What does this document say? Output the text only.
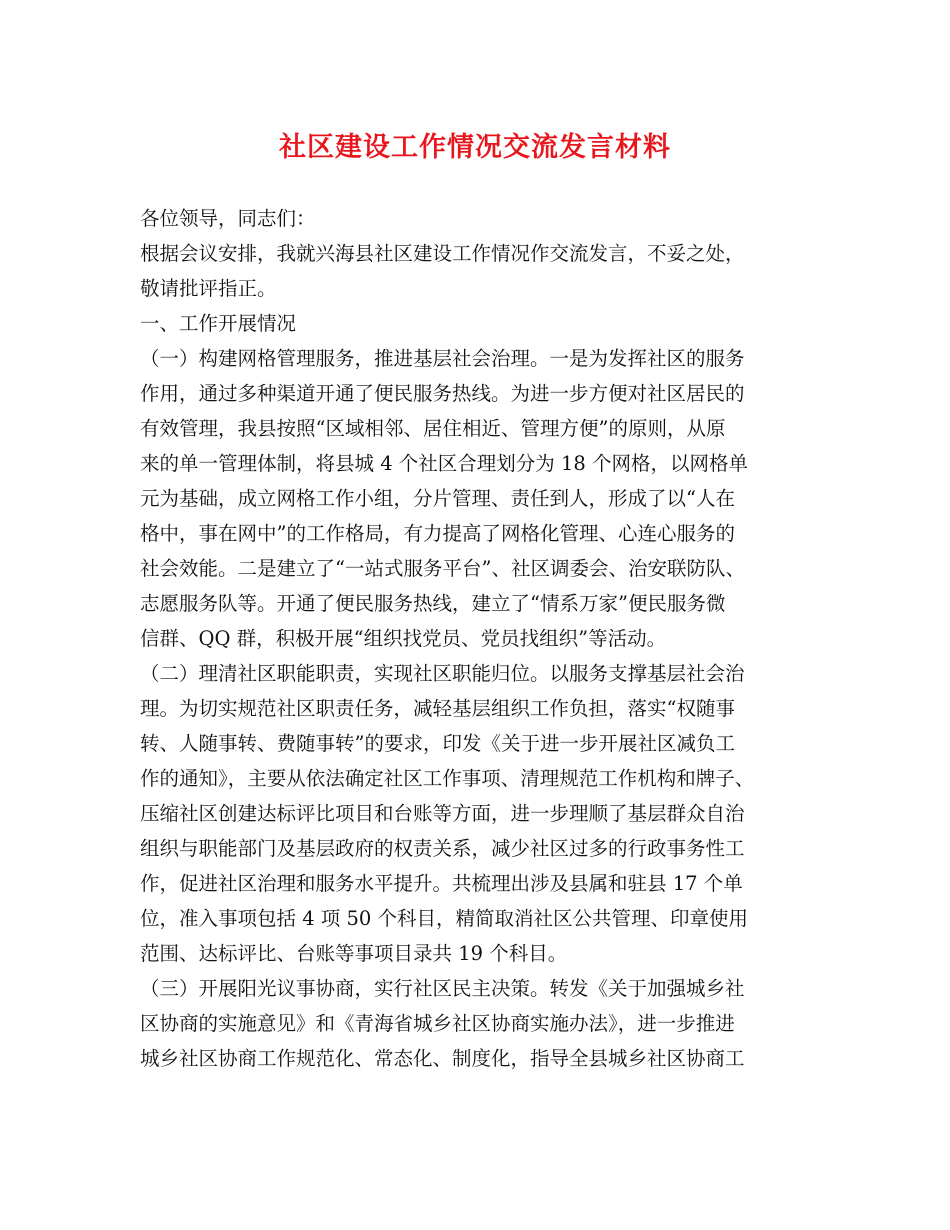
社区建设工作情况交流发言材料
各位领导，同志们：
根据会议安排，我就兴海县社区建设工作情况作交流发言，不妥之处，
敬请批评指正。
一、工作开展情况
（一）构建网格管理服务，推进基层社会治理。一是为发挥社区的服务
作用，通过多种渠道开通了便民服务热线。为进一步方便对社区居民的
有效管理，我县按照“区域相邻、居住相近、管理方便”的原则，从原
来的单一管理体制，将县城 4 个社区合理划分为 18 个网格，以网格单
元为基础，成立网格工作小组，分片管理、责任到人，形成了以“人在
格中，事在网中”的工作格局，有力提高了网格化管理、心连心服务的
社会效能。二是建立了“一站式服务平台”、社区调委会、治安联防队、
志愿服务队等。开通了便民服务热线，建立了“情系万家”便民服务微
信群、QQ 群，积极开展“组织找党员、党员找组织”等活动。
（二）理清社区职能职责，实现社区职能归位。以服务支撑基层社会治
理。为切实规范社区职责任务，减轻基层组织工作负担，落实“权随事
转、人随事转、费随事转”的要求，印发《关于进一步开展社区减负工
作的通知》，主要从依法确定社区工作事项、清理规范工作机构和牌子、
压缩社区创建达标评比项目和台账等方面，进一步理顺了基层群众自治
组织与职能部门及基层政府的权责关系，减少社区过多的行政事务性工
作，促进社区治理和服务水平提升。共梳理出涉及县属和驻县 17 个单
位，准入事项包括 4 项 50 个科目，精简取消社区公共管理、印章使用
范围、达标评比、台账等事项目录共 19 个科目。
（三）开展阳光议事协商，实行社区民主决策。转发《关于加强城乡社
区协商的实施意见》和《青海省城乡社区协商实施办法》，进一步推进
城乡社区协商工作规范化、常态化、制度化，指导全县城乡社区协商工
